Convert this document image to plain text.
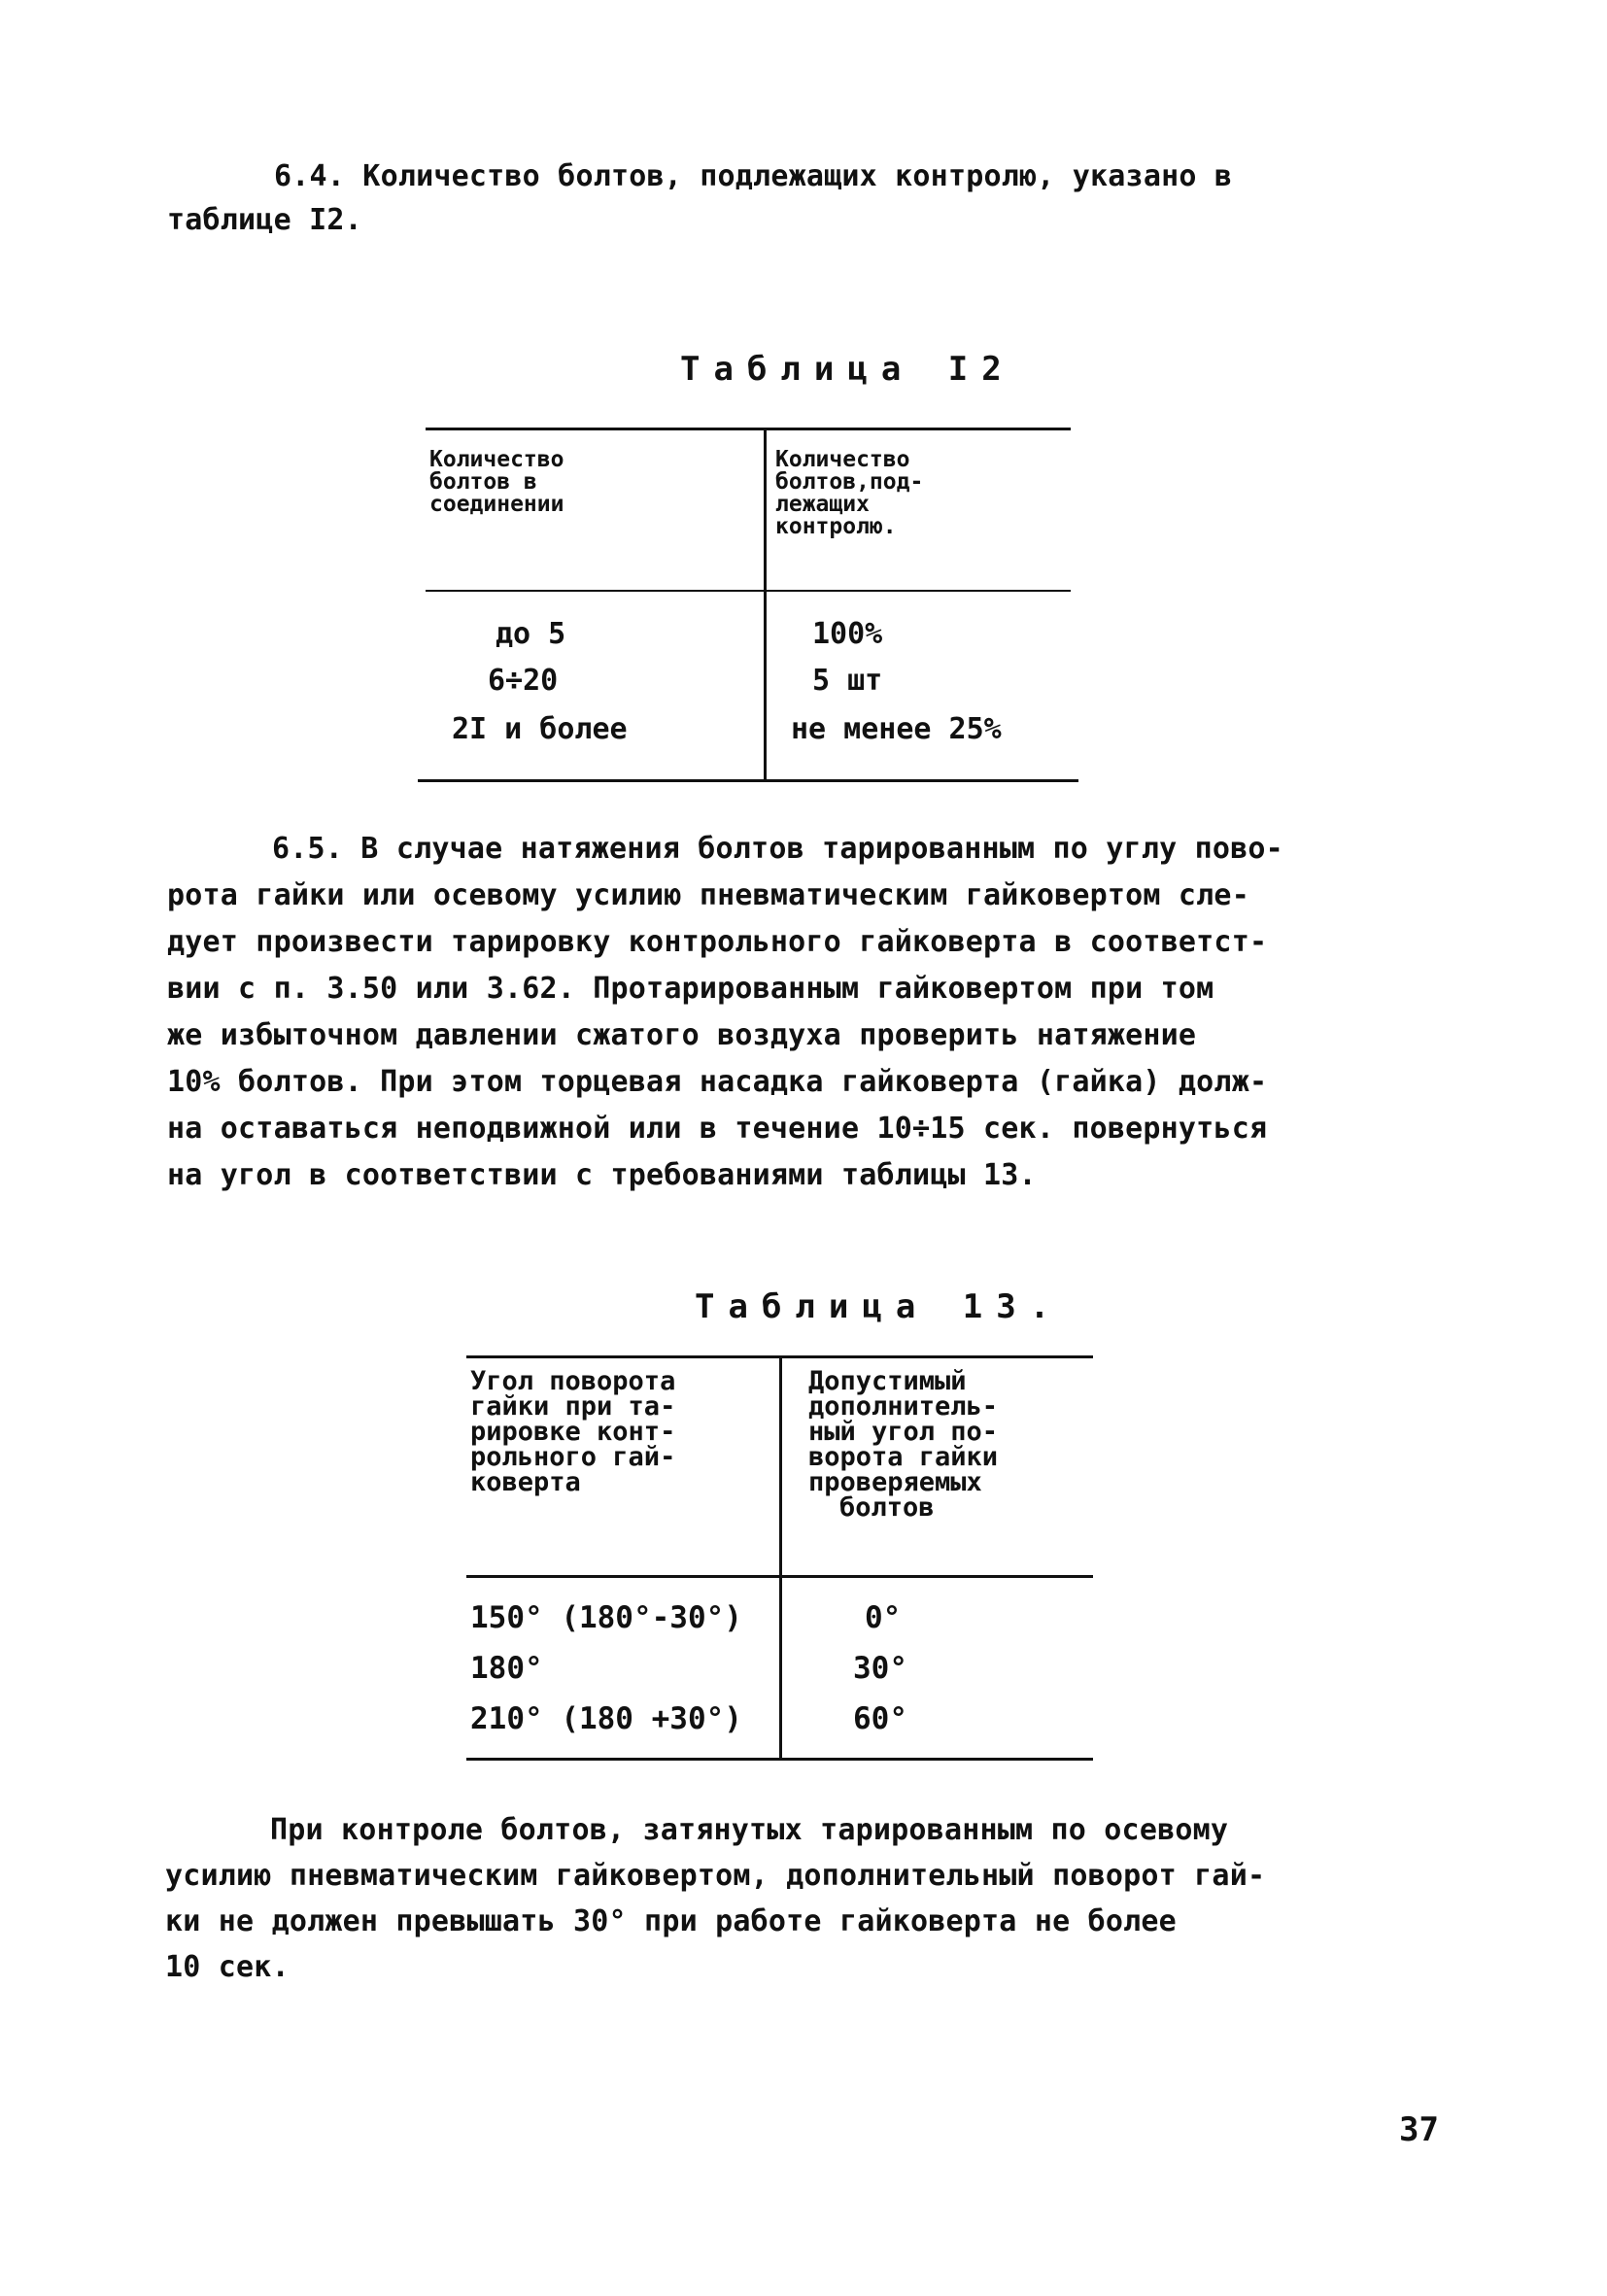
6.4. Количество болтов, подлежащих контролю, указано в
таблице I2.
Таблица I2
Количество
болтов в
соединении
Количество
болтов,под-
лежащих
контролю.
до 5
6÷20
2I и более
100%
5 шт
не менее 25%
6.5. В случае натяжения болтов тарированным по углу пово-
рота гайки или осевому усилию пневматическим гайковертом сле-
дует произвести тарировку контрольного гайковерта в соответст-
вии с п. 3.50 или 3.62. Протарированным гайковертом при том
же избыточном давлении сжатого воздуха проверить натяжение
10% болтов. При этом торцевая насадка гайковерта (гайка) долж-
на оставаться неподвижной или в течение 10÷15 сек. повернуться
на угол в соответствии с требованиями таблицы 13.
Таблица 13.
Угол поворота
гайки при та-
рировке конт-
рольного гай-
ковертa
Допустимый
дополнитель-
ный угол по-
ворота гайки
проверяемых
болтов
150° (180°-30°)
180°
210° (180 +30°)
0°
30°
60°
При контроле болтов, затянутых тарированным по осевому
усилию пневматическим гайковертом, дополнительный поворот гай-
ки не должен превышать 30° при работе гайковерта не более
10 сек.
37
